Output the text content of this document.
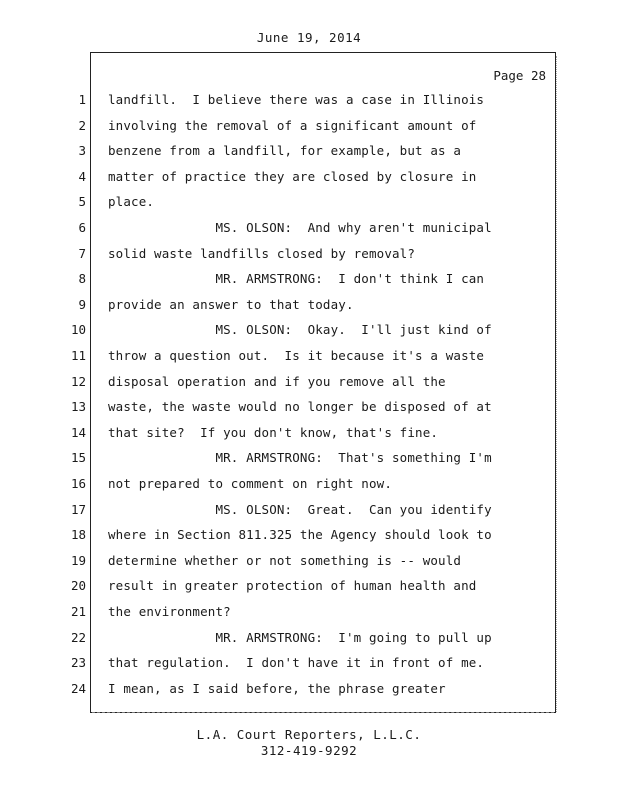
June 19, 2014
Page 28
1 landfill.  I believe there was a case in Illinois
2 involving the removal of a significant amount of
3 benzene from a landfill, for example, but as a
4 matter of practice they are closed by closure in
5 place.
6 MS. OLSON:  And why aren't municipal
7 solid waste landfills closed by removal?
8 MR. ARMSTRONG:  I don't think I can
9 provide an answer to that today.
10 MS. OLSON:  Okay.  I'll just kind of
11 throw a question out.  Is it because it's a waste
12 disposal operation and if you remove all the
13 waste, the waste would no longer be disposed of at
14 that site?  If you don't know, that's fine.
15 MR. ARMSTRONG:  That's something I'm
16 not prepared to comment on right now.
17 MS. OLSON:  Great.  Can you identify
18 where in Section 811.325 the Agency should look to
19 determine whether or not something is -- would
20 result in greater protection of human health and
21 the environment?
22 MR. ARMSTRONG:  I'm going to pull up
23 that regulation.  I don't have it in front of me.
24 I mean, as I said before, the phrase greater
L.A. Court Reporters, L.L.C.
312-419-9292
